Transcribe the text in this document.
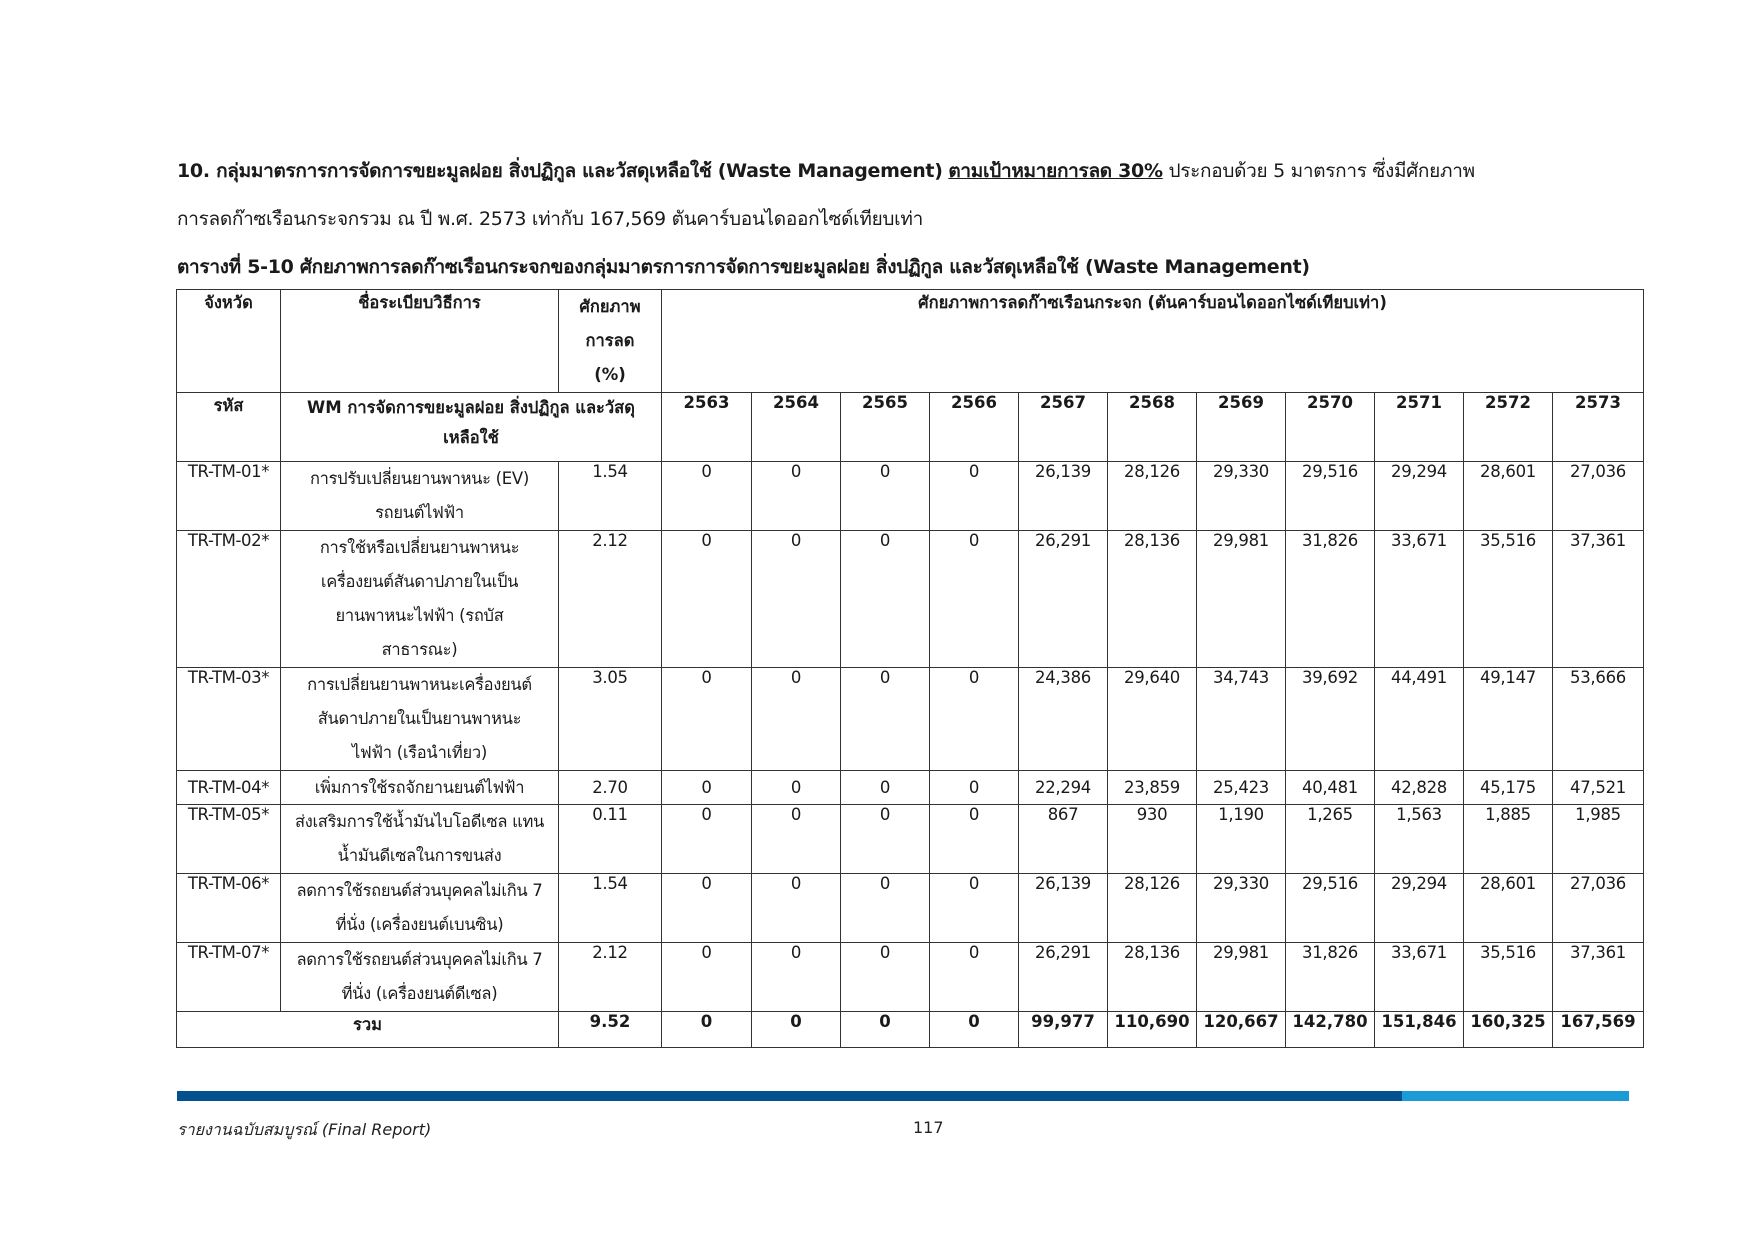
10. กลุ่มมาตรการการจัดการขยะมูลฝอย สิ่งปฏิกูล และวัสดุเหลือใช้ (Waste Management) ตามเป้าหมายการลด 30% ประกอบด้วย 5 มาตรการ ซึ่งมีศักยภาพ
การลดก๊าซเรือนกระจกรวม ณ ปี พ.ศ. 2573 เท่ากับ 167,569 ตันคาร์บอนไดออกไซด์เทียบเท่า
ตารางที่ 5-10 ศักยภาพการลดก๊าซเรือนกระจกของกลุ่มมาตรการการจัดการขยะมูลฝอย สิ่งปฏิกูล และวัสดุเหลือใช้ (Waste Management)
จังหวัด	ชื่อระเบียบวิธีการ	ศักยภาพ
การลด
(%)	ศักยภาพการลดก๊าซเรือนกระจก (ตันคาร์บอนไดออกไซด์เทียบเท่า)										
รหัส	WM การจัดการขยะมูลฝอย สิ่งปฏิกูล และวัสดุ
เหลือใช้		2563	2564	2565	2566	2567	2568	2569	2570	2571	2572	2573
TR-TM-01*	การปรับเปลี่ยนยานพาหนะ (EV)
รถยนต์ไฟฟ้า	1.54	0	0	0	0	26,139	28,126	29,330	29,516	29,294	28,601	27,036
TR-TM-02*	การใช้หรือเปลี่ยนยานพาหนะ
เครื่องยนต์สันดาปภายในเป็น
ยานพาหนะไฟฟ้า (รถบัส
สาธารณะ)	2.12	0	0	0	0	26,291	28,136	29,981	31,826	33,671	35,516	37,361
TR-TM-03*	การเปลี่ยนยานพาหนะเครื่องยนต์
สันดาปภายในเป็นยานพาหนะ
ไฟฟ้า (เรือนำเที่ยว)	3.05	0	0	0	0	24,386	29,640	34,743	39,692	44,491	49,147	53,666
TR-TM-04*	เพิ่มการใช้รถจักยานยนต์ไฟฟ้า	2.70	0	0	0	0	22,294	23,859	25,423	40,481	42,828	45,175	47,521
TR-TM-05*	ส่งเสริมการใช้น้ำมันไบโอดีเซล แทน
น้ำมันดีเซลในการขนส่ง	0.11	0	0	0	0	867	930	1,190	1,265	1,563	1,885	1,985
TR-TM-06*	ลดการใช้รถยนต์ส่วนบุคคลไม่เกิน 7
ที่นั่ง (เครื่องยนต์เบนซิน)	1.54	0	0	0	0	26,139	28,126	29,330	29,516	29,294	28,601	27,036
TR-TM-07*	ลดการใช้รถยนต์ส่วนบุคคลไม่เกิน 7
ที่นั่ง (เครื่องยนต์ดีเซล)	2.12	0	0	0	0	26,291	28,136	29,981	31,826	33,671	35,516	37,361
รวม		9.52	0	0	0	0	99,977	110,690	120,667	142,780	151,846	160,325	167,569
รายงานฉบับสมบูรณ์ (Final Report)	117
